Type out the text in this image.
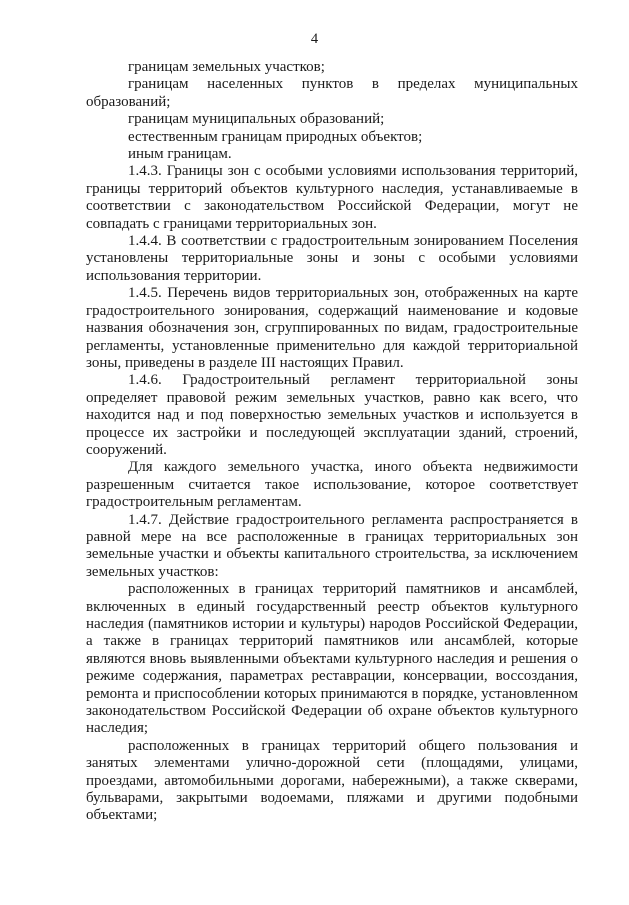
4

границам земельных участков;

границам населенных пунктов в пределах муниципальных образований;

границам муниципальных образований;

естественным границам природных объектов;

иным границам.

1.4.3. Границы зон с особыми условиями использования территорий, границы территорий объектов культурного наследия, устанавливаемые в соответствии с законодательством Российской Федерации, могут не совпадать с границами территориальных зон.

1.4.4. В соответствии с градостроительным зонированием Поселения установлены территориальные зоны и зоны с особыми условиями использования территории.

1.4.5. Перечень видов территориальных зон, отображенных на карте градостроительного зонирования, содержащий наименование и кодовые названия обозначения зон, сгруппированных по видам, градостроительные регламенты, установленные применительно для каждой территориальной зоны, приведены в разделе III настоящих Правил.

1.4.6. Градостроительный регламент территориальной зоны определяет правовой режим земельных участков, равно как всего, что находится над и под поверхностью земельных участков и используется в процессе их застройки и последующей эксплуатации зданий, строений, сооружений.

Для каждого земельного участка, иного объекта недвижимости разрешенным считается такое использование, которое соответствует градостроительным регламентам.

1.4.7. Действие градостроительного регламента распространяется в равной мере на все расположенные в границах территориальных зон земельные участки и объекты капитального строительства, за исключением земельных участков:

расположенных в границах территорий памятников и ансамблей, включенных в единый государственный реестр объектов культурного наследия (памятников истории и культуры) народов Российской Федерации, а также в границах территорий памятников или ансамблей, которые являются вновь выявленными объектами культурного наследия и решения о режиме содержания, параметрах реставрации, консервации, воссоздания, ремонта и приспособлении которых принимаются в порядке, установленном законодательством Российской Федерации об охране объектов культурного наследия;

расположенных в границах территорий общего пользования и занятых элементами улично-дорожной сети (площадями, улицами, проездами, автомобильными дорогами, набережными), а также скверами, бульварами, закрытыми водоемами, пляжами и другими подобными объектами;
